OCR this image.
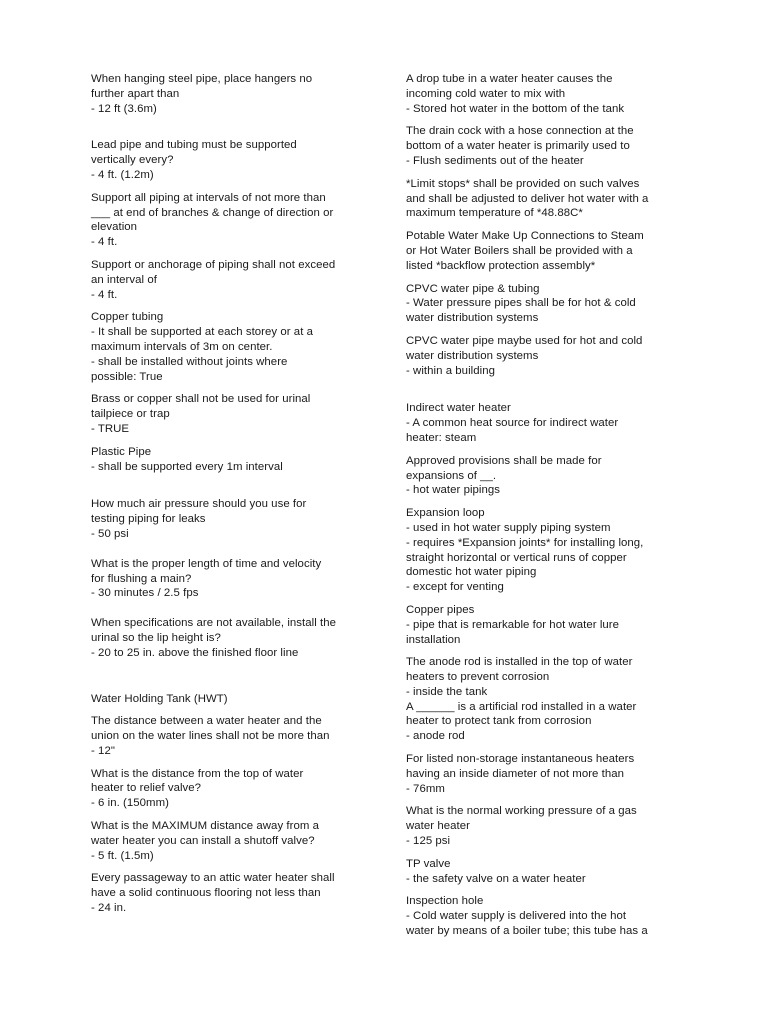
When hanging steel pipe, place hangers no
further apart than
- 12 ft (3.6m)
Lead pipe and tubing must be supported
vertically every?
- 4 ft. (1.2m)
Support all piping at intervals of not more than
___ at end of branches & change of direction or
elevation
- 4 ft.
Support or anchorage of piping shall not exceed
an interval of
- 4 ft.
Copper tubing
- It shall be supported at each storey or at a
maximum intervals of 3m on center.
- shall be installed without joints where
possible: True
Brass or copper shall not be used for urinal
tailpiece or trap
- TRUE
Plastic Pipe
- shall be supported every 1m interval
How much air pressure should you use for
testing piping for leaks
- 50 psi
What is the proper length of time and velocity
for flushing a main?
- 30 minutes / 2.5 fps
When specifications are not available, install the
urinal so the lip height is?
- 20 to 25 in. above the finished floor line
Water Holding Tank (HWT)
The distance between a water heater and the
union on the water lines shall not be more than
- 12"
What is the distance from the top of water
heater to relief valve?
- 6 in. (150mm)
What is the MAXIMUM distance away from a
water heater you can install a shutoff valve?
- 5 ft. (1.5m)
Every passageway to an attic water heater shall
have a solid continuous flooring not less than
- 24 in.
A drop tube in a water heater causes the
incoming cold water to mix with
- Stored hot water in the bottom of the tank
The drain cock with a hose connection at the
bottom of a water heater is primarily used to
- Flush sediments out of the heater
*Limit stops* shall be provided on such valves
and shall be adjusted to deliver hot water with a
maximum temperature of *48.88C*
Potable Water Make Up Connections to Steam
or Hot Water Boilers shall be provided with a
listed *backflow protection assembly*
CPVC water pipe & tubing
- Water pressure pipes shall be for hot & cold
water distribution systems
CPVC water pipe maybe used for hot and cold
water distribution systems
- within a building
Indirect water heater
- A common heat source for indirect water
heater: steam
Approved provisions shall be made for
expansions of __.
- hot water pipings
Expansion loop
- used in hot water supply piping system
- requires *Expansion joints* for installing long,
straight horizontal or vertical runs of copper
domestic hot water piping
- except for venting
Copper pipes
- pipe that is remarkable for hot water lure
installation
The anode rod is installed in the top of water
heaters to prevent corrosion
- inside the tank
A ______ is a artificial rod installed in a water
heater to protect tank from corrosion
- anode rod
For listed non-storage instantaneous heaters
having an inside diameter of not more than
- 76mm
What is the normal working pressure of a gas
water heater
- 125 psi
TP valve
- the safety valve on a water heater
Inspection hole
- Cold water supply is delivered into the hot
water by means of a boiler tube; this tube has a
